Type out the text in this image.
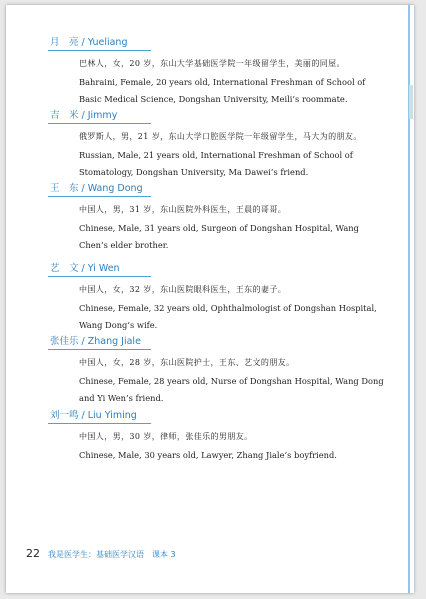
月　亮 / Yueliang
巴林人，女，20 岁，东山大学基础医学院一年级留学生，美丽的同屋。
Bahraini, Female, 20 years old, International Freshman of School of Basic Medical Science, Dongshan University, Meili’s roommate.
吉　米 / Jimmy
俄罗斯人，男，21 岁，东山大学口腔医学院一年级留学生，马大为的朋友。
Russian, Male, 21 years old, International Freshman of School of Stomatology, Dongshan University, Ma Dawei’s friend.
王　东 / Wang Dong
中国人，男，31 岁，东山医院外科医生，王晨的哥哥。
Chinese, Male, 31 years old, Surgeon of Dongshan Hospital, Wang Chen’s elder brother.
艺　文 / Yi Wen
中国人，女，32 岁，东山医院眼科医生，王东的妻子。
Chinese, Female, 32 years old, Ophthalmologist of Dongshan Hospital, Wang Dong’s wife.
张佳乐 / Zhang Jiale
中国人，女，28 岁，东山医院护士，王东、艺文的朋友。
Chinese, Female, 28 years old, Nurse of Dongshan Hospital, Wang Dong and Yi Wen’s friend.
刘一鸣 / Liu Yiming
中国人，男，30 岁，律师，张佳乐的男朋友。
Chinese, Male, 30 years old, Lawyer, Zhang Jiale’s boyfriend.
22 我是医学生：基础医学汉语　课本 3
